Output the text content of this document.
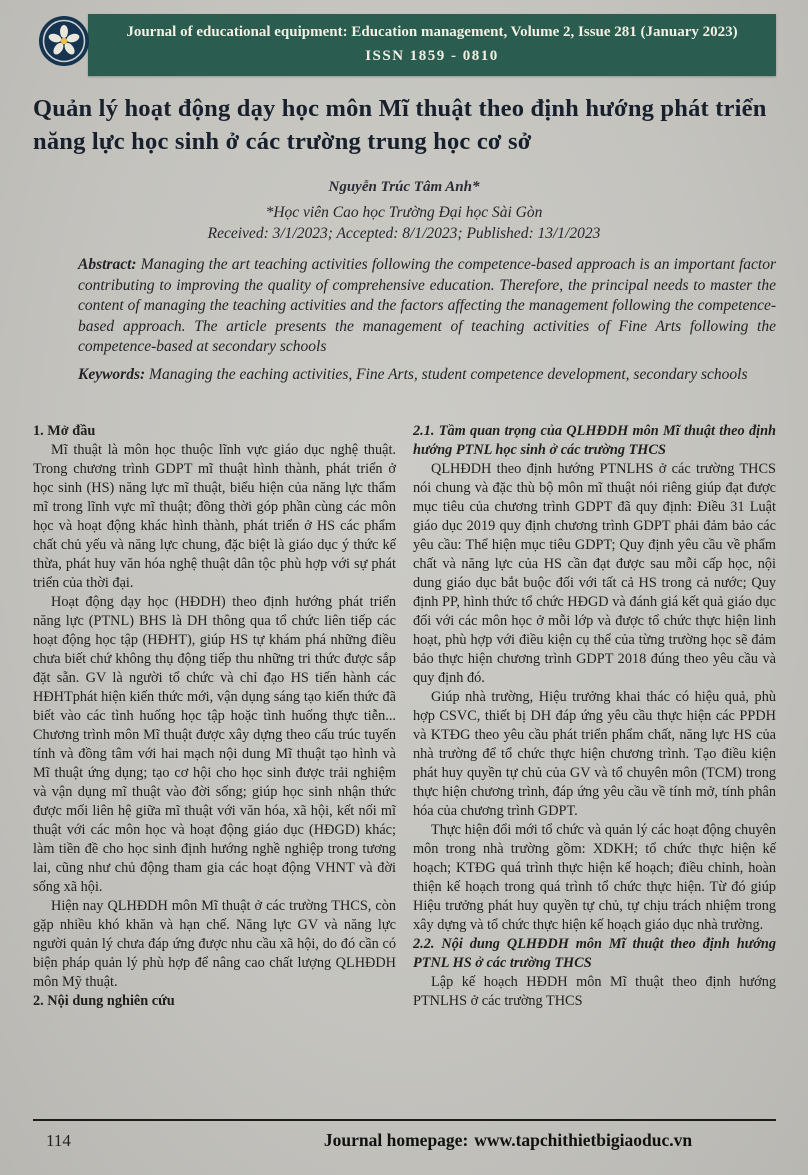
Journal of educational equipment: Education management, Volume 2, Issue 281 (January 2023)
ISSN 1859 - 0810
Quản lý hoạt động dạy học môn Mĩ thuật theo định hướng phát triển năng lực học sinh ở các trường trung học cơ sở
Nguyễn Trúc Tâm Anh*
*Học viên Cao học Trường Đại học Sài Gòn
Received: 3/1/2023; Accepted: 8/1/2023; Published: 13/1/2023

Abstract: Managing the art teaching activities following the competence-based approach is an important factor contributing to improving the quality of comprehensive education. Therefore, the principal needs to master the content of managing the teaching activities and the factors affecting the management following the competence-based approach. The article presents the management of teaching activities of Fine Arts following the competence-based at secondary schools

Keywords: Managing the eaching activities, Fine Arts, student competence development, secondary schools

1. Mở đầu

Mĩ thuật là môn học thuộc lĩnh vực giáo dục nghệ thuật. Trong chương trình GDPT mĩ thuật hình thành, phát triển ở học sinh (HS) năng lực mĩ thuật, biểu hiện của năng lực thẩm mĩ trong lĩnh vực mĩ thuật; đồng thời góp phần cùng các môn học và hoạt động khác hình thành, phát triển ở HS các phẩm chất chủ yếu và năng lực chung, đặc biệt là giáo dục ý thức kế thừa, phát huy văn hóa nghệ thuật dân tộc phù hợp với sự phát triển của thời đại.

Hoạt động dạy học (HĐDH) theo định hướng phát triển năng lực (PTNL) BHS là DH thông qua tổ chức liên tiếp các hoạt động học tập (HĐHT), giúp HS tự khám phá những điều chưa biết chứ không thụ động tiếp thu những tri thức được sắp đặt sẵn. GV là người tổ chức và chỉ đạo HS tiến hành các HĐHTphát hiện kiến thức mới, vận dụng sáng tạo kiến thức đã biết vào các tình huống học tập hoặc tình huống thực tiễn... Chương trình môn Mĩ thuật được xây dựng theo cấu trúc tuyến tính và đồng tâm với hai mạch nội dung Mĩ thuật tạo hình và Mĩ thuật ứng dụng; tạo cơ hội cho học sinh được trải nghiệm và vận dụng mĩ thuật vào đời sống; giúp học sinh nhận thức được mối liên hệ giữa mĩ thuật với văn hóa, xã hội, kết nối mĩ thuật với các môn học và hoạt động giáo dục (HĐGD) khác; làm tiền đề cho học sinh định hướng nghề nghiệp trong tương lai, cũng như chủ động tham gia các hoạt động VHNT và đời sống xã hội.

Hiện nay QLHĐDH môn Mĩ thuật ở các trường THCS, còn gặp nhiều khó khăn và hạn chế. Năng lực GV và năng lực người quản lý chưa đáp ứng được nhu cầu xã hội, do đó cần có biện pháp quản lý phù hợp để nâng cao chất lượng QLHĐDH môn Mỹ thuật.

2. Nội dung nghiên cứu
2.1. Tầm quan trọng của QLHĐDH môn Mĩ thuật theo định hướng PTNL học sinh ở các trường THCS

QLHĐDH theo định hướng PTNLHS ở các trường THCS nói chung và đặc thù bộ môn mĩ thuật nói riêng giúp đạt được mục tiêu của chương trình GDPT đã quy định: Điều 31 Luật giáo dục 2019 quy định chương trình GDPT phải đảm bảo các yêu cầu: Thể hiện mục tiêu GDPT; Quy định yêu cầu về phẩm chất và năng lực của HS cần đạt được sau mỗi cấp học, nội dung giáo dục bắt buộc đối với tất cả HS trong cả nước; Quy định PP, hình thức tổ chức HĐGD và đánh giá kết quả giáo dục đối với các môn học ở mỗi lớp và được tổ chức thực hiện linh hoạt, phù hợp với điều kiện cụ thể của từng trường học sẽ đảm bảo thực hiện chương trình GDPT 2018 đúng theo yêu cầu và quy định đó.

Giúp nhà trường, Hiệu trưởng khai thác có hiệu quả, phù hợp CSVC, thiết bị DH đáp ứng yêu cầu thực hiện các PPDH và KTĐG theo yêu cầu phát triển phẩm chất, năng lực HS của nhà trường để tổ chức thực hiện chương trình. Tạo điều kiện phát huy quyền tự chủ của GV và tổ chuyên môn (TCM) trong thực hiện chương trình, đáp ứng yêu cầu về tính mở, tính phân hóa của chương trình GDPT.

Thực hiện đổi mới tổ chức và quản lý các hoạt động chuyên môn trong nhà trường gồm: XDKH; tổ chức thực hiện kế hoạch; KTĐG quá trình thực hiện kế hoạch; điều chỉnh, hoàn thiện kế hoạch trong quá trình tổ chức thực hiện. Từ đó giúp Hiệu trưởng phát huy quyền tự chủ, tự chịu trách nhiệm trong xây dựng và tổ chức thực hiện kế hoạch giáo dục nhà trường.

2.2. Nội dung QLHĐDH môn Mĩ thuật theo định hướng PTNL HS ở các trường THCS

Lập kế hoạch HĐDH môn Mĩ thuật theo định hướng PTNLHS ở các trường THCS

114	Journal homepage: www.tapchithietbigiaoduc.vn
